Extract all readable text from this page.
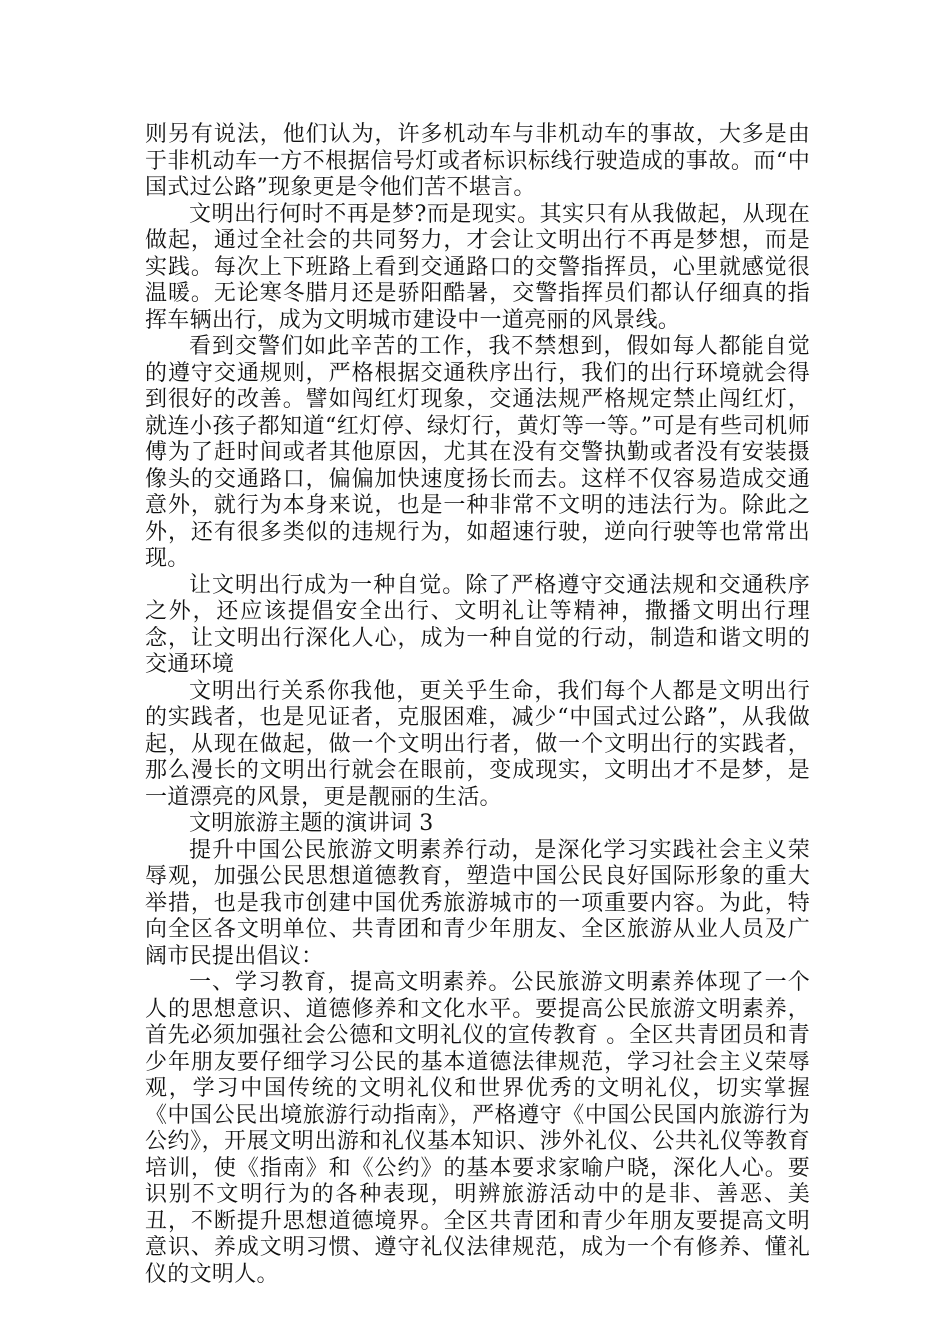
则另有说法，他们认为，许多机动车与非机动车的事故，大多是由于非机动车一方不根据信号灯或者标识标线行驶造成的事故。而“中国式过公路”现象更是令他们苦不堪言。

文明出行何时不再是梦?而是现实。其实只有从我做起，从现在做起，通过全社会的共同努力，才会让文明出行不再是梦想，而是实践。每次上下班路上看到交通路口的交警指挥员，心里就感觉很温暖。无论寒冬腊月还是骄阳酷暑，交警指挥员们都认仔细真的指挥车辆出行，成为文明城市建设中一道亮丽的风景线。

看到交警们如此辛苦的工作，我不禁想到，假如每人都能自觉的遵守交通规则，严格根据交通秩序出行，我们的出行环境就会得到很好的改善。譬如闯红灯现象，交通法规严格规定禁止闯红灯，就连小孩子都知道“红灯停、绿灯行，黄灯等一等。”可是有些司机师傅为了赶时间或者其他原因，尤其在没有交警执勤或者没有安装摄像头的交通路口，偏偏加快速度扬长而去。这样不仅容易造成交通意外，就行为本身来说，也是一种非常不文明的违法行为。除此之外，还有很多类似的违规行为，如超速行驶，逆向行驶等也常常出现。

让文明出行成为一种自觉。除了严格遵守交通法规和交通秩序之外，还应该提倡安全出行、文明礼让等精神，撒播文明出行理念，让文明出行深化人心，成为一种自觉的行动，制造和谐文明的交通环境

文明出行关系你我他，更关乎生命，我们每个人都是文明出行的实践者，也是见证者，克服困难，减少“中国式过公路”，从我做起，从现在做起，做一个文明出行者，做一个文明出行的实践者，那么漫长的文明出行就会在眼前，变成现实，文明出才不是梦，是一道漂亮的风景，更是靓丽的生活。

文明旅游主题的演讲词 3

提升中国公民旅游文明素养行动，是深化学习实践社会主义荣辱观，加强公民思想道德教育，塑造中国公民良好国际形象的重大举措，也是我市创建中国优秀旅游城市的一项重要内容。为此，特向全区各文明单位、共青团和青少年朋友、全区旅游从业人员及广阔市民提出倡议：

一、学习教育，提高文明素养。公民旅游文明素养体现了一个人的思想意识、道德修养和文化水平。要提高公民旅游文明素养，首先必须加强社会公德和文明礼仪的宣传教育 。全区共青团员和青少年朋友要仔细学习公民的基本道德法律规范，学习社会主义荣辱观，学习中国传统的文明礼仪和世界优秀的文明礼仪，切实掌握《中国公民出境旅游行动指南》，严格遵守《中国公民国内旅游行为公约》，开展文明出游和礼仪基本知识、涉外礼仪、公共礼仪等教育培训，使《指南》和《公约》的基本要求家喻户晓，深化人心。要识别不文明行为的各种表现，明辨旅游活动中的是非、善恶、美丑，不断提升思想道德境界。全区共青团和青少年朋友要提高文明意识、养成文明习惯、遵守礼仪法律规范，成为一个有修养、懂礼仪的文明人。
